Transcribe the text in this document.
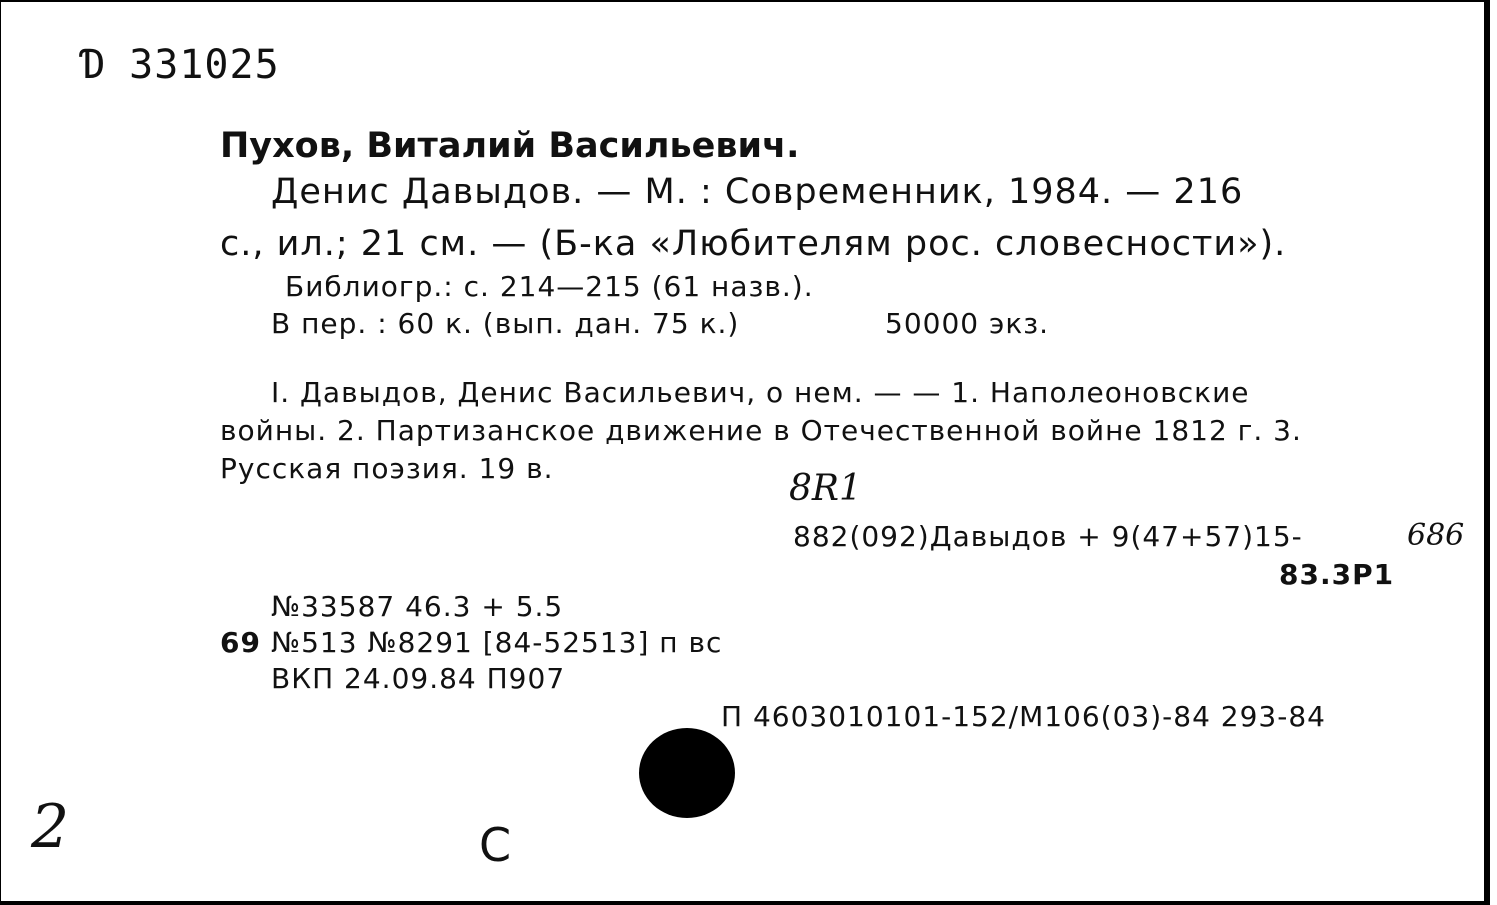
Ɗ 331025
Пухов, Виталий Васильевич.
Денис Давыдов. — М. : Современник, 1984. — 216
с., ил.; 21 см. — (Б-ка «Любителям рос. словесности»).
Библиогр.: с. 214—215 (61 назв.).
В пер. : 60 к. (вып. дан. 75 к.)	50000 экз.
I. Давыдов, Денис Васильевич, о нем. — — 1. Наполеоновские
войны. 2. Партизанское движение в Отечественной войне 1812 г. 3.
Русская поэзия. 19 в.	8R1
882(092)Давыдов + 9(47+57)15-	686
83.3Р1
№33587 46.3 + 5.5
69 №513 №8291 [84-52513] п вс
ВКП 24.09.84 П907
П 4603010101-152/М106(03)-84 293-84
2	С
